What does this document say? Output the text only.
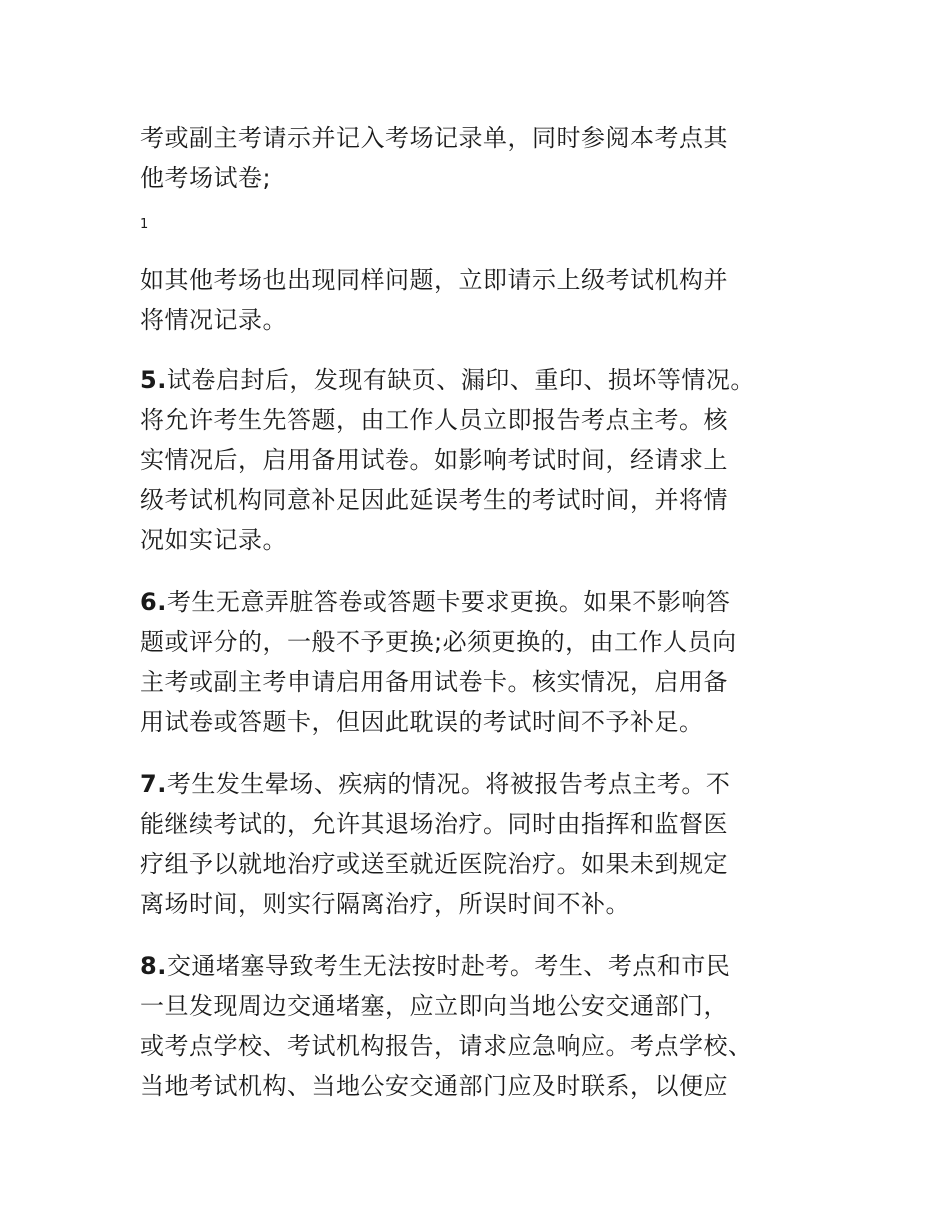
考或副主考请示并记入考场记录单，同时参阅本考点其
他考场试卷;
1
如其他考场也出现同样问题，立即请示上级考试机构并
将情况记录。
5.试卷启封后，发现有缺页、漏印、重印、损坏等情况。
将允许考生先答题，由工作人员立即报告考点主考。核
实情况后，启用备用试卷。如影响考试时间，经请求上
级考试机构同意补足因此延误考生的考试时间，并将情
况如实记录。
6.考生无意弄脏答卷或答题卡要求更换。如果不影响答
题或评分的，一般不予更换;必须更换的，由工作人员向
主考或副主考申请启用备用试卷卡。核实情况，启用备
用试卷或答题卡，但因此耽误的考试时间不予补足。
7.考生发生晕场、疾病的情况。将被报告考点主考。不
能继续考试的，允许其退场治疗。同时由指挥和监督医
疗组予以就地治疗或送至就近医院治疗。如果未到规定
离场时间，则实行隔离治疗，所误时间不补。
8.交通堵塞导致考生无法按时赴考。考生、考点和市民
一旦发现周边交通堵塞，应立即向当地公安交通部门，
或考点学校、考试机构报告，请求应急响应。考点学校、
当地考试机构、当地公安交通部门应及时联系，以便应
